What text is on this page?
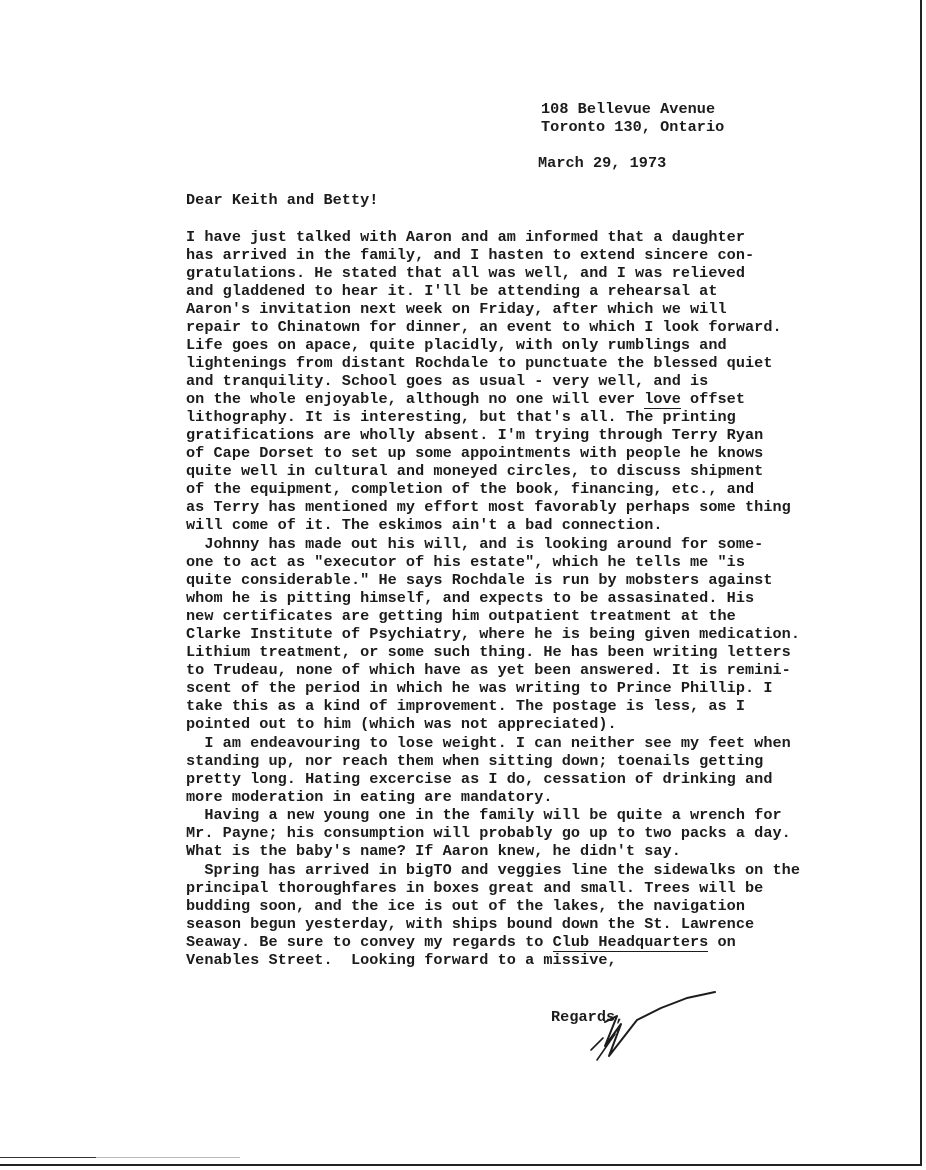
108 Bellevue Avenue
Toronto 130, Ontario
March 29, 1973
Dear Keith and Betty!
I have just talked with Aaron and am informed that a daughter
has arrived in the family, and I hasten to extend sincere con-
gratulations. He stated that all was well, and I was relieved
and gladdened to hear it. I'll be attending a rehearsal at
Aaron's invitation next week on Friday, after which we will
repair to Chinatown for dinner, an event to which I look forward.
Life goes on apace, quite placidly, with only rumblings and
lightenings from distant Rochdale to punctuate the blessed quiet
and tranquility. School goes as usual - very well, and is
on the whole enjoyable, although no one will ever love offset
lithography. It is interesting, but that's all. The printing
gratifications are wholly absent. I'm trying through Terry Ryan
of Cape Dorset to set up some appointments with people he knows
quite well in cultural and moneyed circles, to discuss shipment
of the equipment, completion of the book, financing, etc., and
as Terry has mentioned my effort most favorably perhaps some thing
will come of it. The eskimos ain't a bad connection.
Johnny has made out his will, and is looking around for some-
one to act as "executor of his estate", which he tells me "is
quite considerable." He says Rochdale is run by mobsters against
whom he is pitting himself, and expects to be assasinated. His
new certificates are getting him outpatient treatment at the
Clarke Institute of Psychiatry, where he is being given medication.
Lithium treatment, or some such thing. He has been writing letters
to Trudeau, none of which have as yet been answered. It is remini-
scent of the period in which he was writing to Prince Phillip. I
take this as a kind of improvement. The postage is less, as I
pointed out to him (which was not appreciated).
I am endeavouring to lose weight. I can neither see my feet when
standing up, nor reach them when sitting down; toenails getting
pretty long. Hating excercise as I do, cessation of drinking and
more moderation in eating are mandatory.
Having a new young one in the family will be quite a wrench for
Mr. Payne; his consumption will probably go up to two packs a day.
What is the baby's name? If Aaron knew, he didn't say.
Spring has arrived in bigTO and veggies line the sidewalks on the
principal thoroughfares in boxes great and small. Trees will be
budding soon, and the ice is out of the lakes, the navigation
season begun yesterday, with ships bound down the St. Lawrence
Seaway. Be sure to convey my regards to Club Headquarters on
Venables Street.  Looking forward to a missive,
Regards,
